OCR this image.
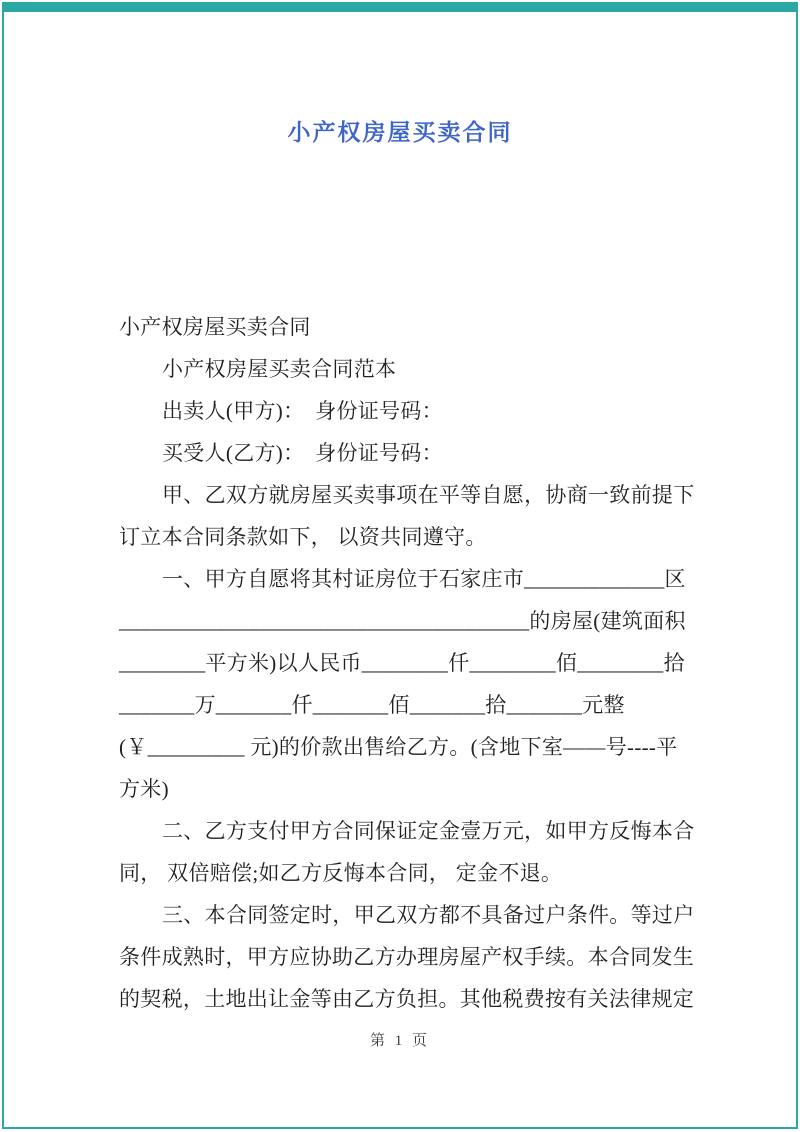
小产权房屋买卖合同
小产权房屋买卖合同
小产权房屋买卖合同范本
出卖人(甲方)：　身份证号码：
买受人(乙方)：　身份证号码：
甲、乙双方就房屋买卖事项在平等自愿，协商一致前提下
订立本合同条款如下， 以资共同遵守。
一、甲方自愿将其村证房位于石家庄市_____________区
______________________________________的房屋(建筑面积
________平方米)以人民币________仟________佰________拾
_______万_______仟_______佰_______拾_______元整
(￥_________ 元)的价款出售给乙方。(含地下室——号----平
方米)
二、乙方支付甲方合同保证定金壹万元，如甲方反悔本合
同， 双倍赔偿;如乙方反悔本合同， 定金不退。
三、本合同签定时，甲乙双方都不具备过户条件。等过户
条件成熟时，甲方应协助乙方办理房屋产权手续。本合同发生
的契税，土地出让金等由乙方负担。其他税费按有关法律规定
第 1 页
